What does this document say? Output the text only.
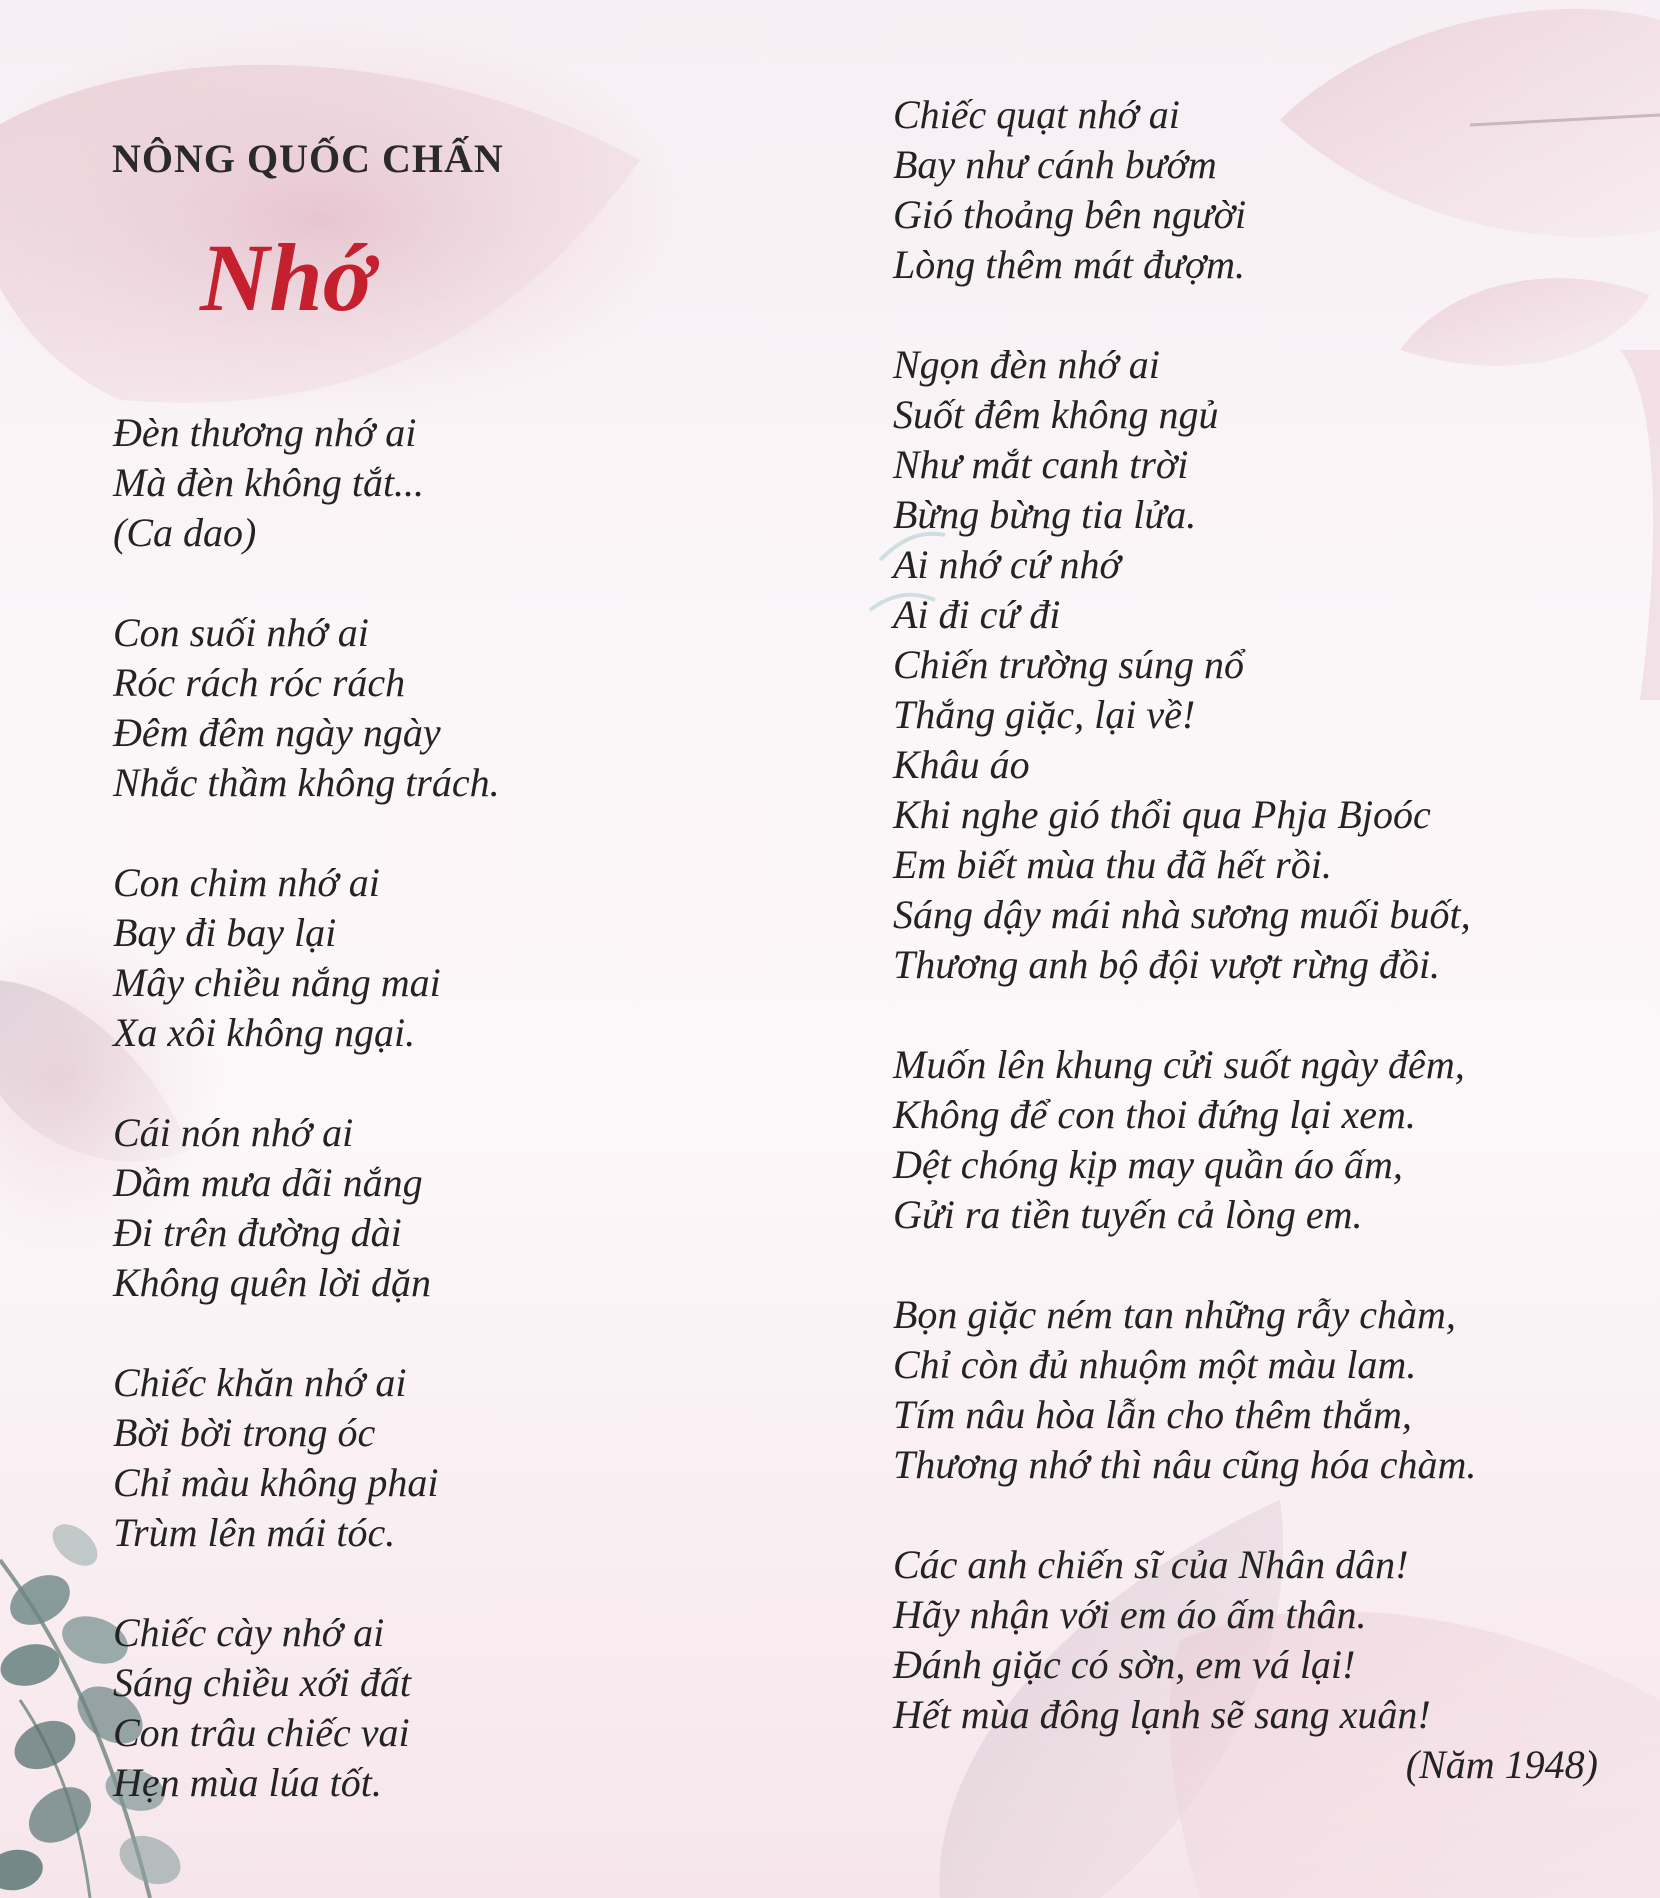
NÔNG QUỐC CHẤN
Nhớ
Đèn thương nhớ ai
Mà đèn không tắt...
(Ca dao)
Con suối nhớ ai
Róc rách róc rách
Đêm đêm ngày ngày
Nhắc thầm không trách.
Con chim nhớ ai
Bay đi bay lại
Mây chiều nắng mai
Xa xôi không ngại.
Cái nón nhớ ai
Dầm mưa dãi nắng
Đi trên đường dài
Không quên lời dặn
Chiếc khăn nhớ ai
Bời bời trong óc
Chỉ màu không phai
Trùm lên mái tóc.
Chiếc cày nhớ ai
Sáng chiều xới đất
Con trâu chiếc vai
Hẹn mùa lúa tốt.
Chiếc quạt nhớ ai
Bay như cánh bướm
Gió thoảng bên người
Lòng thêm mát đượm.
Ngọn đèn nhớ ai
Suốt đêm không ngủ
Như mắt canh trời
Bừng bừng tia lửa.
Ai nhớ cứ nhớ
Ai đi cứ đi
Chiến trường súng nổ
Thắng giặc, lại về!
Khâu áo
Khi nghe gió thổi qua Phja Bjoóc
Em biết mùa thu đã hết rồi.
Sáng dậy mái nhà sương muối buốt,
Thương anh bộ đội vượt rừng đồi.
Muốn lên khung cửi suốt ngày đêm,
Không để con thoi đứng lại xem.
Dệt chóng kịp may quần áo ấm,
Gửi ra tiền tuyến cả lòng em.
Bọn giặc ném tan những rẫy chàm,
Chỉ còn đủ nhuộm một màu lam.
Tím nâu hòa lẫn cho thêm thắm,
Thương nhớ thì nâu cũng hóa chàm.
Các anh chiến sĩ của Nhân dân!
Hãy nhận với em áo ấm thân.
Đánh giặc có sờn, em vá lại!
Hết mùa đông lạnh sẽ sang xuân!
(Năm 1948)
